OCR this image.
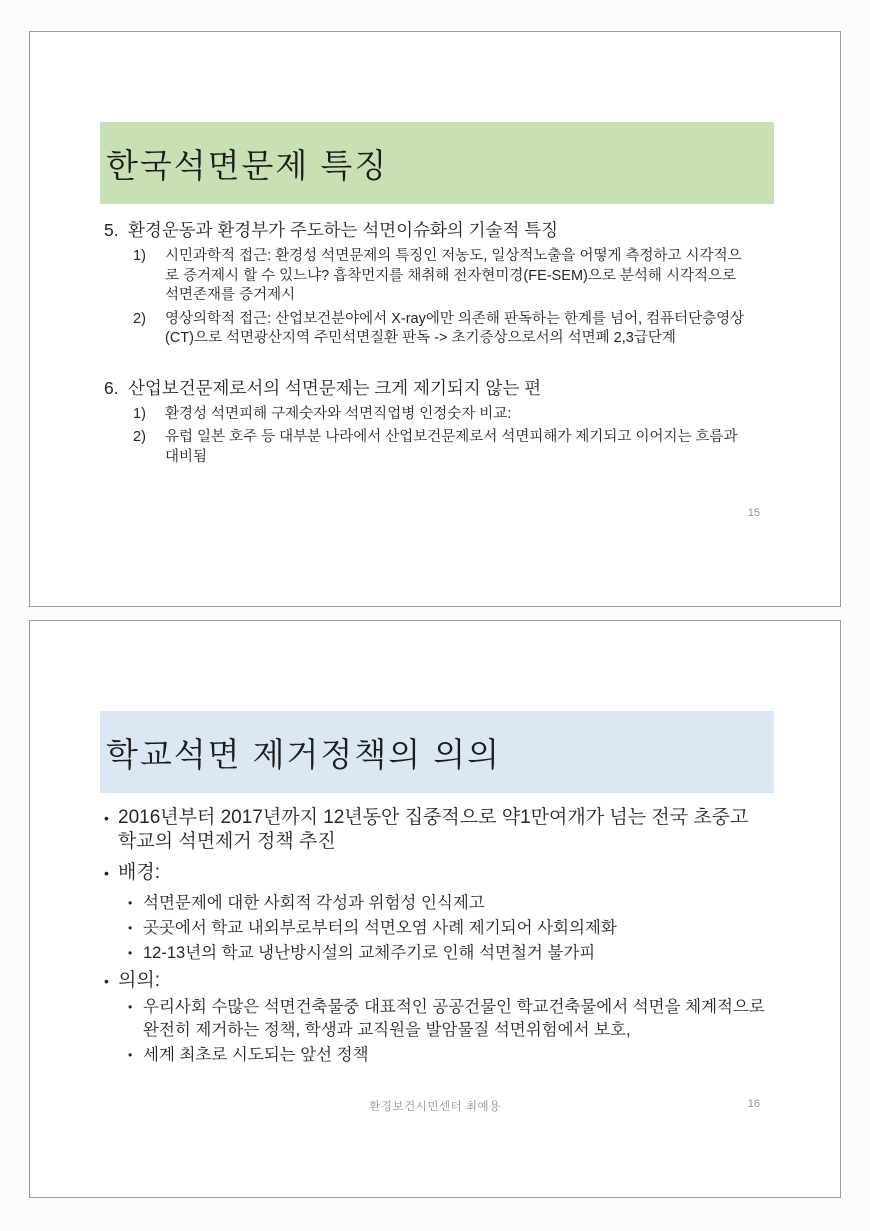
한국석면문제 특징
5. 환경운동과 환경부가 주도하는 석면이슈화의 기술적 특징
1)	시민과학적 접근: 환경성 석면문제의 특징인 저농도, 일상적노출을 어떻게 측정하고 시각적으로 증거제시 할 수 있느냐? 흡착먼지를 채취해 전자현미경(FE-SEM)으로 분석해 시각적으로 석면존재를 증거제시
2)	영상의학적 접근: 산업보건분야에서 X-ray에만 의존해 판독하는 한계를 넘어, 컴퓨터단층영상(CT)으로 석면광산지역 주민석면질환 판독 -> 초기증상으로서의 석면폐 2,3급단계
6. 산업보건문제로서의 석면문제는 크게 제기되지 않는 편
1)	환경성 석면피해 구제숫자와 석면직업병 인정숫자 비교:
2)	유럽 일본 호주 등 대부분 나라에서 산업보건문제로서 석면피해가 제기되고 이어지는 흐름과 대비됨
15
학교석면 제거정책의 의의
• 2016년부터 2017년까지 12년동안 집중적으로 약1만여개가 넘는 전국 초중고 학교의 석면제거 정책 추진
• 배경:
• 석면문제에 대한 사회적 각성과 위험성 인식제고
• 곳곳에서 학교 내외부로부터의 석면오염 사례 제기되어 사회의제화
• 12-13년의 학교 냉난방시설의 교체주기로 인해 석면철거 불가피
• 의의:
• 우리사회 수많은 석면건축물중 대표적인 공공건물인 학교건축물에서 석면을 체계적으로 완전히 제거하는 정책, 학생과 교직원을 발암물질 석면위험에서 보호,
• 세계 최초로 시도되는 앞선 정책
환경보건시민센터 최예용	16
